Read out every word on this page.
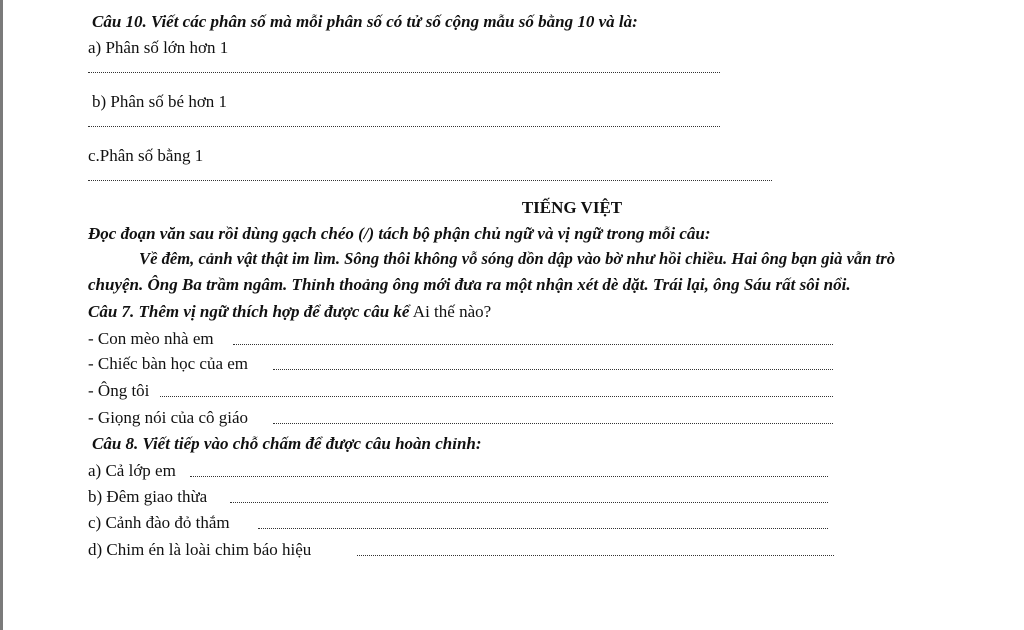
Câu 10. Viết các phân số mà mỗi phân số có tử số cộng mẫu số bằng 10 và là:
a) Phân số lớn hơn 1
b) Phân số bé hơn 1
c.Phân số bằng 1
TIẾNG VIỆT
Đọc đoạn văn sau rồi dùng gạch chéo (/) tách bộ phận chủ ngữ và vị ngữ trong mỗi câu:
Về đêm, cảnh vật thật im lìm. Sông thôi không vỗ sóng dồn dập vào bờ như hồi chiều. Hai ông bạn già vẫn trò
chuyện. Ông Ba trầm ngâm. Thỉnh thoảng ông mới đưa ra một nhận xét dè dặt. Trái lại, ông Sáu rất sôi nổi.
Câu 7. Thêm vị ngữ thích hợp để được câu kể Ai thế nào?
- Con mèo nhà em
- Chiếc bàn học của em
- Ông tôi
- Giọng nói của cô giáo
Câu 8. Viết tiếp vào chỗ chấm để được câu hoàn chỉnh:
a) Cả lớp em
b) Đêm giao thừa
c) Cảnh đào đỏ thắm
d) Chim én là loài chim báo hiệu
